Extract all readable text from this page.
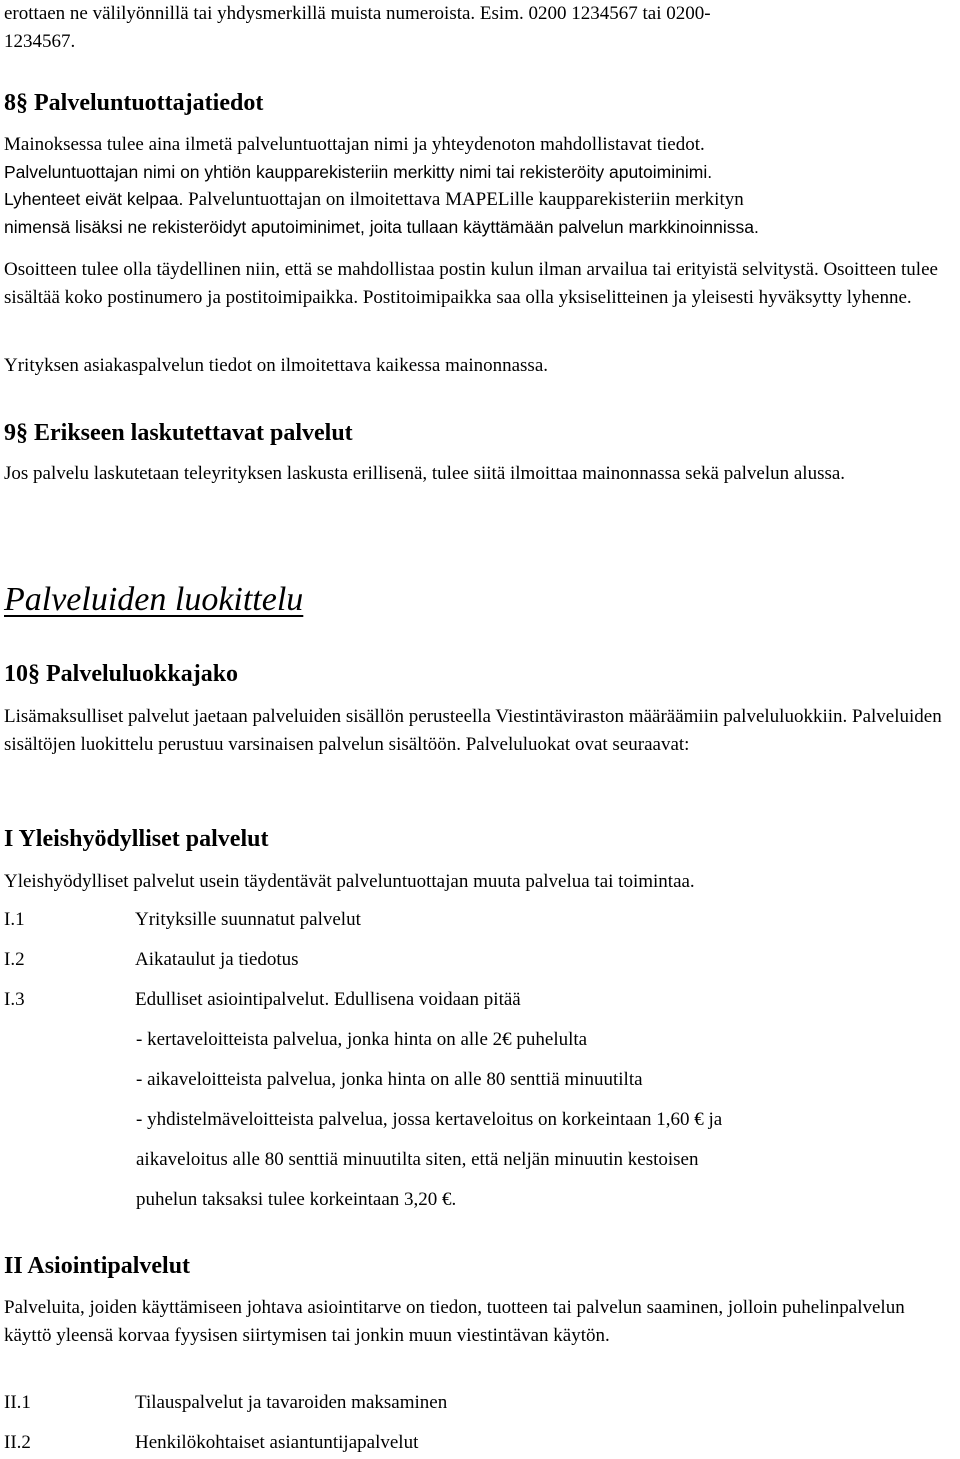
erottaen ne välilyönnillä tai yhdysmerkillä muista numeroista. Esim. 0200 1234567 tai 0200-

1234567.

8§ Palveluntuottajatiedot

Mainoksessa tulee aina ilmetä palveluntuottajan nimi ja yhteydenoton mahdollistavat tiedot.

Palveluntuottajan nimi on yhtiön kaupparekisteriin merkitty nimi tai rekisteröity aputoiminimi.

Lyhenteet eivät kelpaa. Palveluntuottajan on ilmoitettava MAPELille kaupparekisteriin merkityn

nimensä lisäksi ne rekisteröidyt aputoiminimet, joita tullaan käyttämään palvelun markkinoinnissa.

Osoitteen tulee olla täydellinen niin, että se mahdollistaa postin kulun ilman arvailua tai erityistä selvitystä. Osoitteen tulee sisältää koko postinumero ja postitoimipaikka. Postitoimipaikka saa olla yksiselitteinen ja yleisesti hyväksytty lyhenne.
Yrityksen asiakaspalvelun tiedot on ilmoitettava kaikessa mainonnassa.
9§ Erikseen laskutettavat palvelut
Jos palvelu laskutetaan teleyrityksen laskusta erillisenä, tulee siitä ilmoittaa mainonnassa sekä palvelun alussa.
Palveluiden luokittelu
10§ Palveluluokkajako
Lisämaksulliset palvelut jaetaan palveluiden sisällön perusteella Viestintäviraston määräämiin palveluluokkiin. Palveluiden sisältöjen luokittelu perustuu varsinaisen palvelun sisältöön. Palveluluokat ovat seuraavat:
I Yleishyödylliset palvelut
Yleishyödylliset palvelut usein täydentävät palveluntuottajan muuta palvelua tai toimintaa.
I.1	Yrityksille suunnatut palvelut
I.2	Aikataulut ja tiedotus
I.3	Edulliset asiointipalvelut. Edullisena voidaan pitää
- kertaveloitteista palvelua, jonka hinta on alle 2€ puhelulta
- aikaveloitteista palvelua, jonka hinta on alle 80 senttiä minuutilta
- yhdistelmäveloitteista palvelua, jossa kertaveloitus on korkeintaan 1,60 € ja
aikaveloitus alle 80 senttiä minuutilta siten, että neljän minuutin kestoisen
puhelun taksaksi tulee korkeintaan 3,20 €.
II Asiointipalvelut
Palveluita, joiden käyttämiseen johtava asiointitarve on tiedon, tuotteen tai palvelun saaminen, jolloin puhelinpalvelun käyttö yleensä korvaa fyysisen siirtymisen tai jonkin muun viestintävan käytön.
II.1	Tilauspalvelut ja tavaroiden maksaminen
II.2	Henkilökohtaiset asiantuntijapalvelut
